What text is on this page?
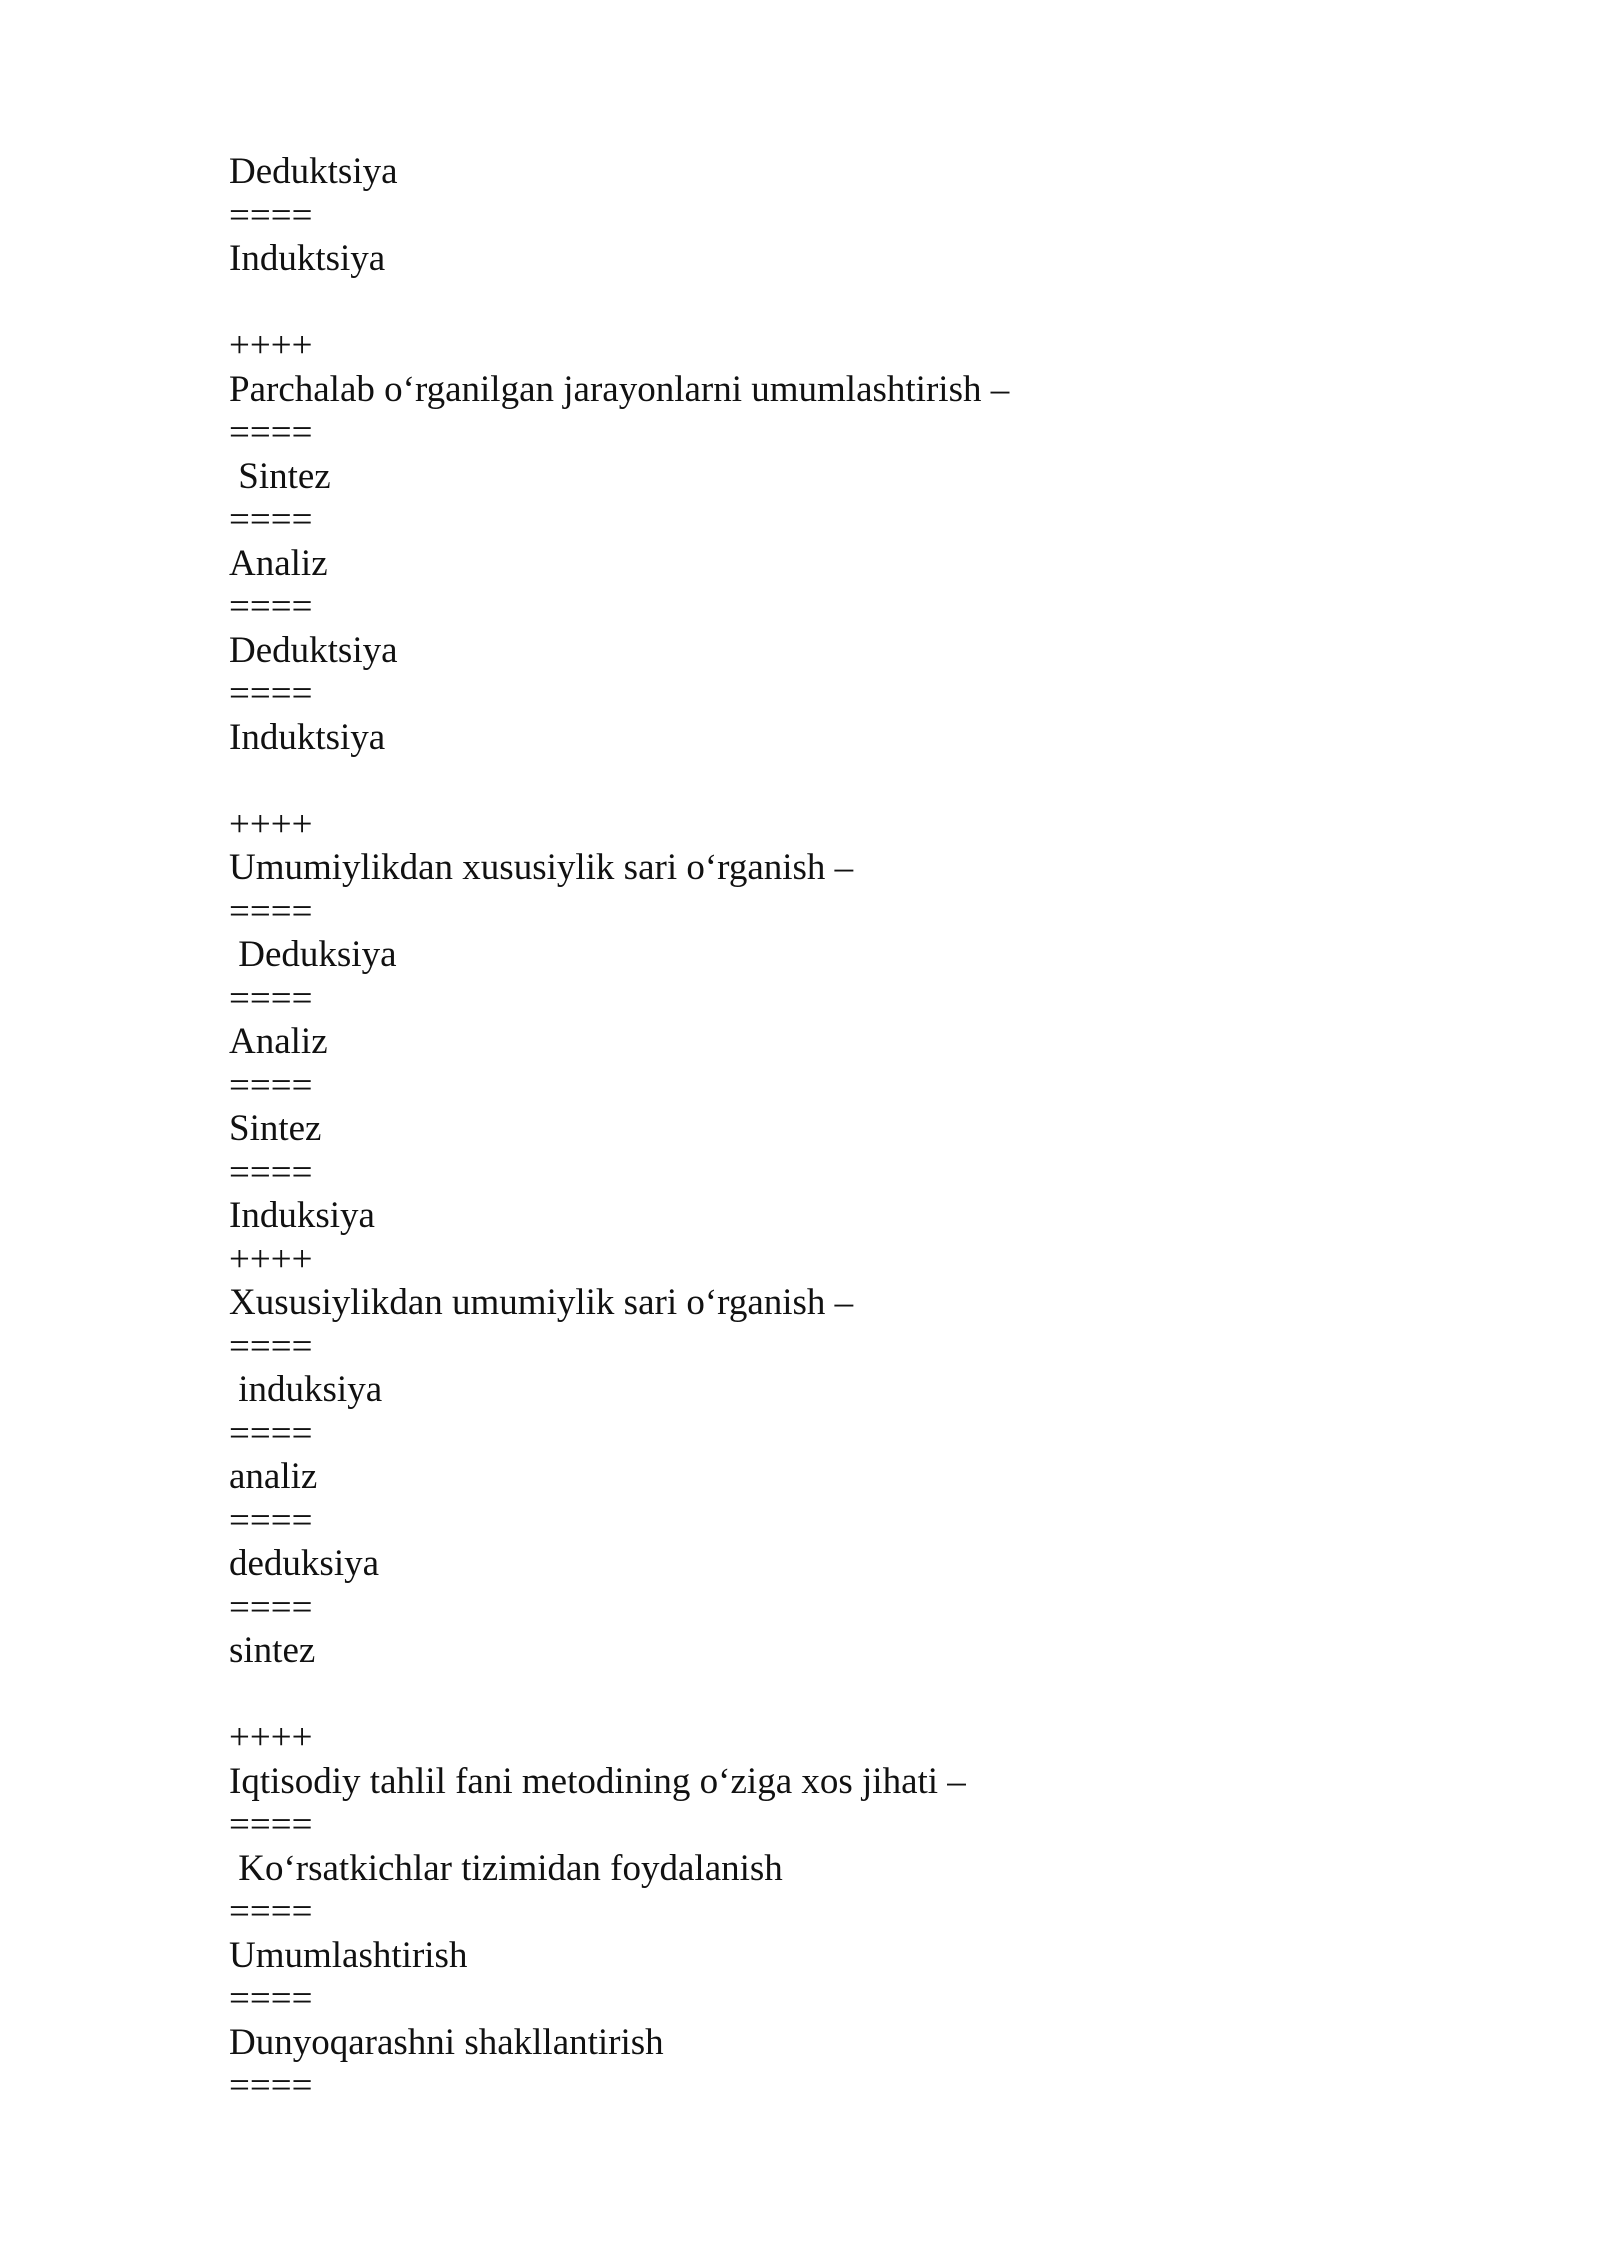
Deduktsiya
====
Induktsiya
++++
Parchalab o‘rganilgan jarayonlarni umumlashtirish –
====
Sintez
====
Analiz
====
Deduktsiya
====
Induktsiya
++++
Umumiylikdan xususiylik sari o‘rganish –
====
Deduksiya
====
Analiz
====
Sintez
====
Induksiya
++++
Xususiylikdan umumiylik sari o‘rganish –
====
induksiya
====
analiz
====
deduksiya
====
sintez
++++
Iqtisodiy tahlil fani metodining o‘ziga xos jihati –
====
Ko‘rsatkichlar tizimidan foydalanish
====
Umumlashtirish
====
Dunyoqarashni shakllantirish
====
